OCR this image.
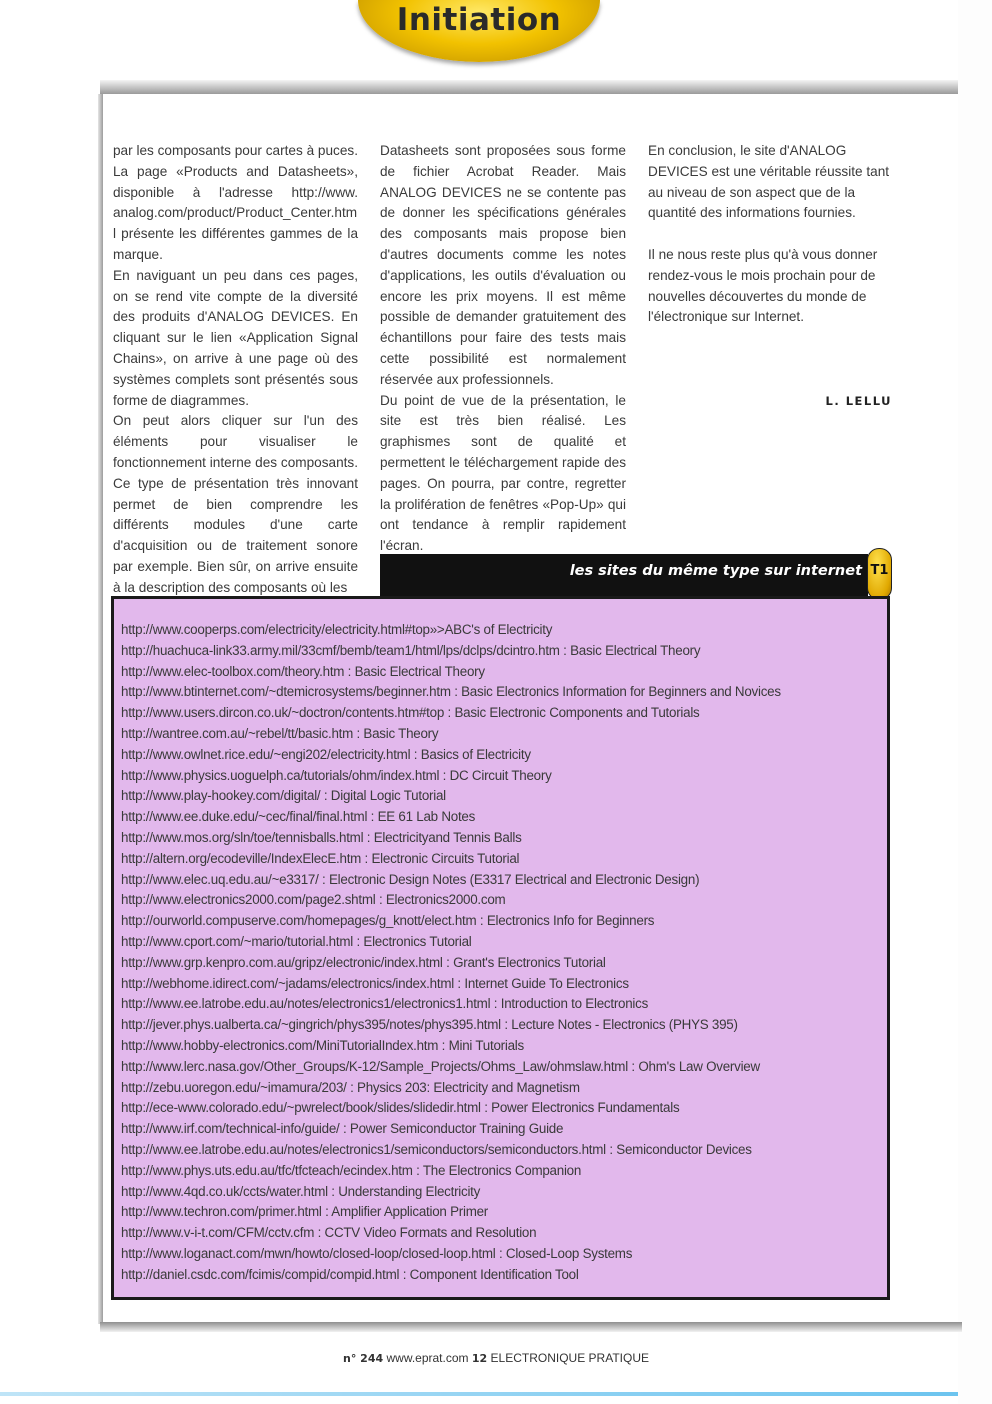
Initiation

par les composants pour cartes à puces. La page «Products and Datasheets», disponible à l'adresse http://www. analog.com/product/Product_Center.htm l présente les différentes gammes de la marque.

En naviguant un peu dans ces pages, on se rend vite compte de la diversité des produits d'ANALOG DEVICES. En cliquant sur le lien «Application Signal Chains», on arrive à une page où des systèmes complets sont présentés sous forme de diagrammes.

On peut alors cliquer sur l'un des éléments pour visualiser le fonctionnement interne des composants. Ce type de présentation très innovant permet de bien comprendre les différents modules d'une carte d'acquisition ou de traitement sonore par exemple. Bien sûr, on arrive ensuite à la description des composants où les

Datasheets sont proposées sous forme de fichier Acrobat Reader. Mais ANALOG DEVICES ne se contente pas de donner les spécifications générales des composants mais propose bien d'autres documents comme les notes d'applications, les outils d'évaluation ou encore les prix moyens. Il est même possible de demander gratuitement des échantillons pour faire des tests mais cette possibilité est normalement réservée aux professionnels.

Du point de vue de la présentation, le site est très bien réalisé. Les graphismes sont de qualité et permettent le téléchargement rapide des pages. On pourra, par contre, regretter la prolifération de fenêtres «Pop-Up» qui ont tendance à remplir rapidement l'écran.

En conclusion, le site d'ANALOG DEVICES est une véritable réussite tant au niveau de son aspect que de la quantité des informations fournies.

Il ne nous reste plus qu'à vous donner rendez-vous le mois prochain pour de nouvelles découvertes du monde de l'électronique sur Internet.

L. LELLU
les sites du même type sur internet T1
http://www.cooperps.com/electricity/electricity.html#top»>ABC's of Electricity
http://huachuca-link33.army.mil/33cmf/bemb/team1/html/lps/dclps/dcintro.htm : Basic Electrical Theory
http://www.elec-toolbox.com/theory.htm : Basic Electrical Theory
http://www.btinternet.com/~dtemicrosystems/beginner.htm : Basic Electronics Information for Beginners and Novices
http://www.users.dircon.co.uk/~doctron/contents.htm#top : Basic Electronic Components and Tutorials
http://wantree.com.au/~rebel/tt/basic.htm : Basic Theory
http://www.owlnet.rice.edu/~engi202/electricity.html : Basics of Electricity
http://www.physics.uoguelph.ca/tutorials/ohm/index.html : DC Circuit Theory
http://www.play-hookey.com/digital/ : Digital Logic Tutorial
http://www.ee.duke.edu/~cec/final/final.html : EE 61 Lab Notes
http://www.mos.org/sln/toe/tennisballs.html : Electricityand Tennis Balls
http://altern.org/ecodeville/IndexElecE.htm : Electronic Circuits Tutorial
http://www.elec.uq.edu.au/~e3317/ : Electronic Design Notes (E3317 Electrical and Electronic Design)
http://www.electronics2000.com/page2.shtml : Electronics2000.com
http://ourworld.compuserve.com/homepages/g_knott/elect.htm : Electronics Info for Beginners
http://www.cport.com/~mario/tutorial.html : Electronics Tutorial
http://www.grp.kenpro.com.au/gripz/electronic/index.html : Grant's Electronics Tutorial
http://webhome.idirect.com/~jadams/electronics/index.html : Internet Guide To Electronics
http://www.ee.latrobe.edu.au/notes/electronics1/electronics1.html : Introduction to Electronics
http://jever.phys.ualberta.ca/~gingrich/phys395/notes/phys395.html : Lecture Notes - Electronics (PHYS 395)
http://www.hobby-electronics.com/MiniTutorialIndex.htm : Mini Tutorials
http://www.lerc.nasa.gov/Other_Groups/K-12/Sample_Projects/Ohms_Law/ohmslaw.html : Ohm's Law Overview
http://zebu.uoregon.edu/~imamura/203/ : Physics 203: Electricity and Magnetism
http://ece-www.colorado.edu/~pwrelect/book/slides/slidedir.html : Power Electronics Fundamentals
http://www.irf.com/technical-info/guide/ : Power Semiconductor Training Guide
http://www.ee.latrobe.edu.au/notes/electronics1/semiconductors/semiconductors.html : Semiconductor Devices
http://www.phys.uts.edu.au/tfc/tfcteach/ecindex.htm : The Electronics Companion
http://www.4qd.co.uk/ccts/water.html : Understanding Electricity
http://www.techron.com/primer.html : Amplifier Application Primer
http://www.v-i-t.com/CFM/cctv.cfm : CCTV Video Formats and Resolution
http://www.loganact.com/mwn/howto/closed-loop/closed-loop.html : Closed-Loop Systems
http://daniel.csdc.com/fcimis/compid/compid.html : Component Identification Tool
n° 244 www.eprat.com 12 ELECTRONIQUE PRATIQUE
